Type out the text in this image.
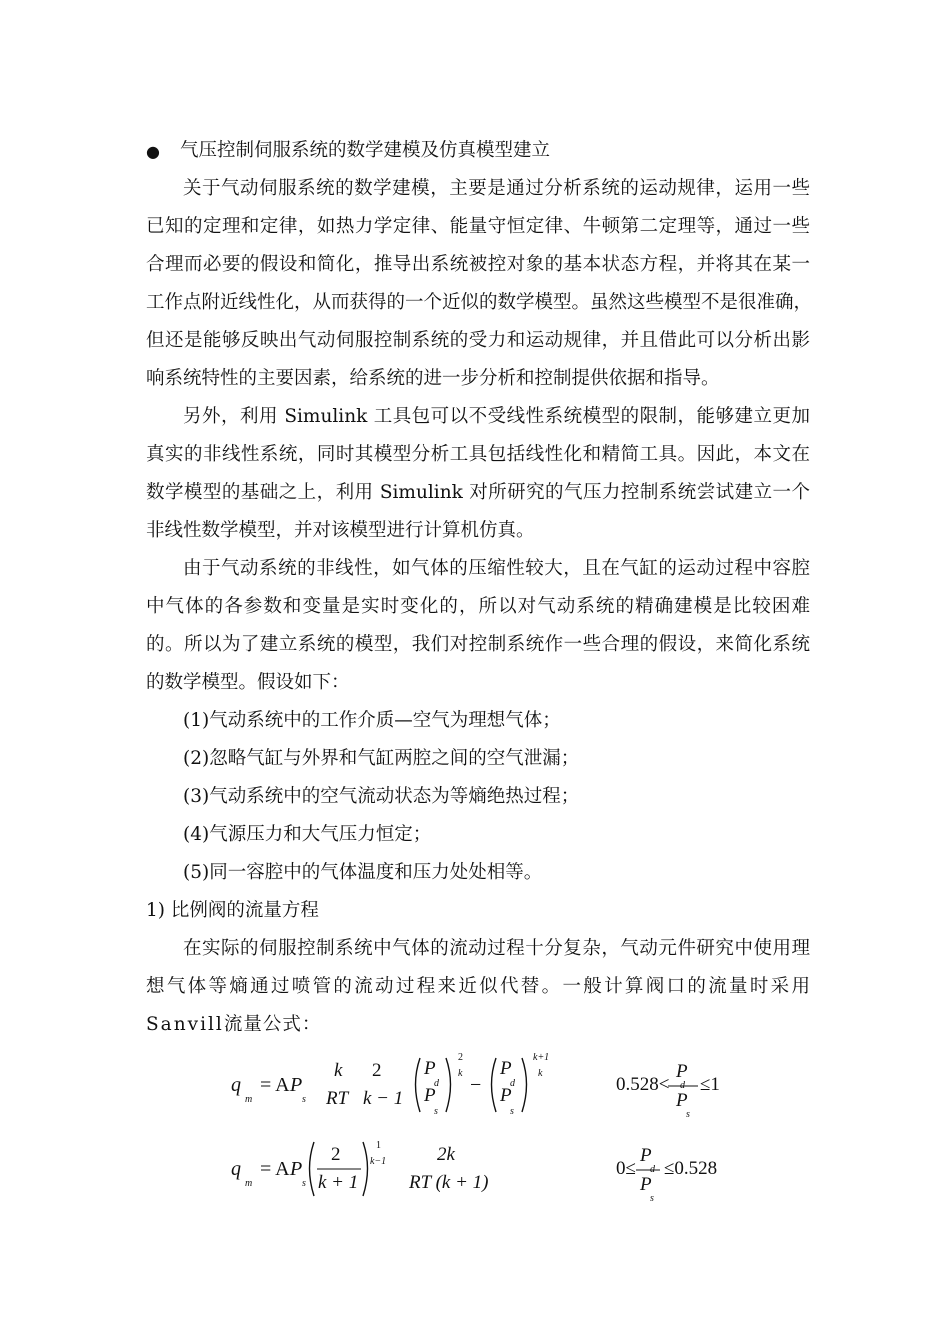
● 气压控制伺服系统的数学建模及仿真模型建立
关于气动伺服系统的数学建模，主要是通过分析系统的运动规律，运用一些
已知的定理和定律，如热力学定律、能量守恒定律、牛顿第二定理等，通过一些
合理而必要的假设和简化，推导出系统被控对象的基本状态方程，并将其在某一
工作点附近线性化，从而获得的一个近似的数学模型。虽然这些模型不是很准确，
但还是能够反映出气动伺服控制系统的受力和运动规律，并且借此可以分析出影
响系统特性的主要因素，给系统的进一步分析和控制提供依据和指导。
另外，利用 Simulink 工具包可以不受线性系统模型的限制，能够建立更加
真实的非线性系统，同时其模型分析工具包括线性化和精简工具。因此，本文在
数学模型的基础之上，利用 Simulink 对所研究的气压力控制系统尝试建立一个
非线性数学模型，并对该模型进行计算机仿真。
由于气动系统的非线性，如气体的压缩性较大，且在气缸的运动过程中容腔
中气体的各参数和变量是实时变化的，所以对气动系统的精确建模是比较困难
的。所以为了建立系统的模型，我们对控制系统作一些合理的假设，来简化系统
的数学模型。假设如下：
(1)气动系统中的工作介质—空气为理想气体；
(2)忽略气缸与外界和气缸两腔之间的空气泄漏；
(3)气动系统中的空气流动状态为等熵绝热过程；
(4)气源压力和大气压力恒定；
(5)同一容腔中的气体温度和压力处处相等。
1) 比例阀的流量方程
在实际的伺服控制系统中气体的流动过程十分复杂，气动元件研究中使用理
想气体等熵通过喷管的流动过程来近似代替。一般计算阀口的流量时采用
Sanvill流量公式：
q
m
= A P
s
k 2
RT k − 1
P
d
P
s
2
k
−
P
d
P
s
k+1
k
0.528<
P
d
P
s
≤1
q
m
= A P
s
2
k + 1
1
k−1	2k
RT (k + 1)
0≤
P
d
P
s
≤0.528
